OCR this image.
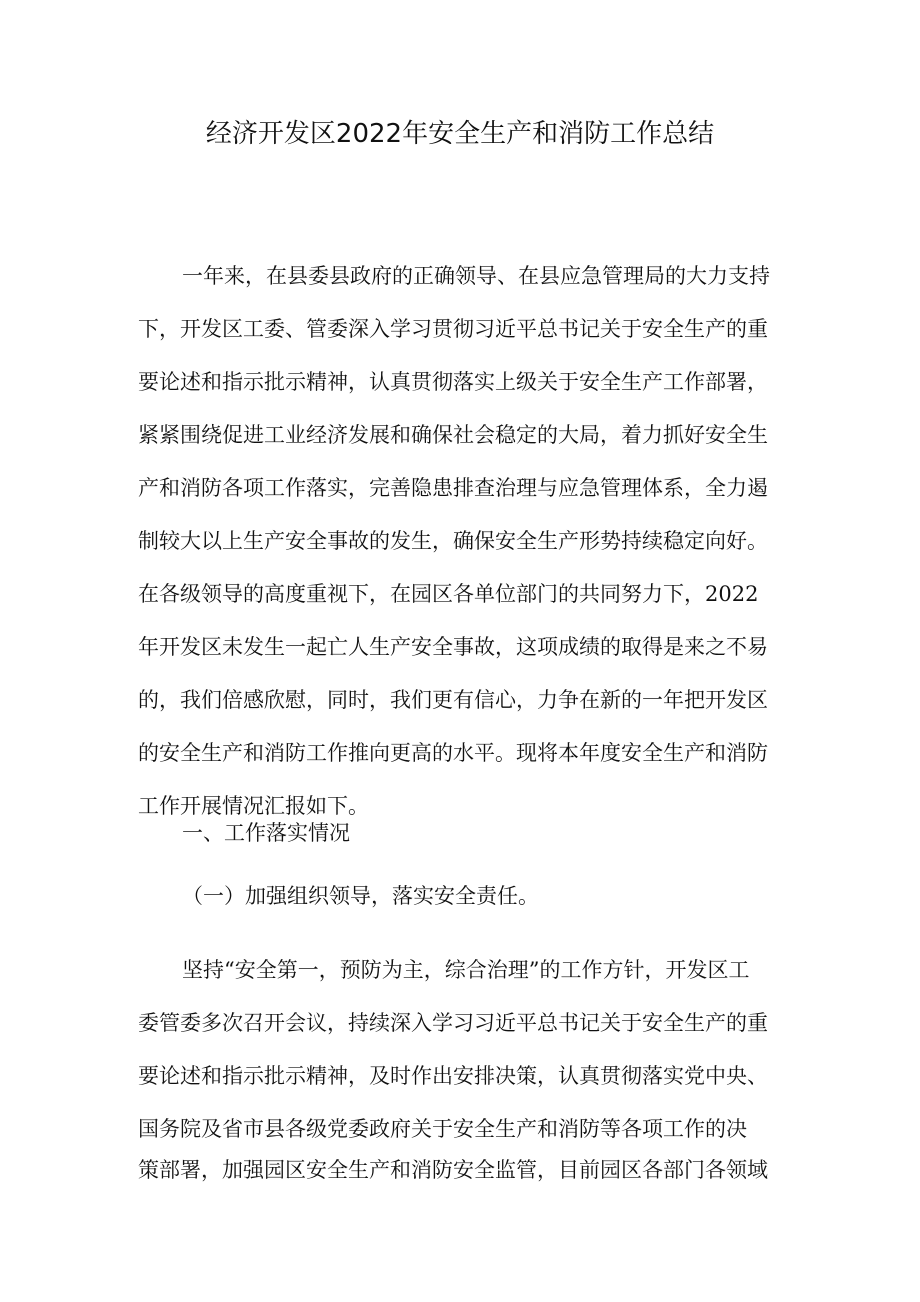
经济开发区2022年安全生产和消防工作总结
一年来，在县委县政府的正确领导、在县应急管理局的大力支持
下，开发区工委、管委深入学习贯彻习近平总书记关于安全生产的重
要论述和指示批示精神，认真贯彻落实上级关于安全生产工作部署，
紧紧围绕促进工业经济发展和确保社会稳定的大局，着力抓好安全生
产和消防各项工作落实，完善隐患排查治理与应急管理体系，全力遏
制较大以上生产安全事故的发生，确保安全生产形势持续稳定向好。
在各级领导的高度重视下，在园区各单位部门的共同努力下，2022
年开发区未发生一起亡人生产安全事故，这项成绩的取得是来之不易
的，我们倍感欣慰，同时，我们更有信心，力争在新的一年把开发区
的安全生产和消防工作推向更高的水平。现将本年度安全生产和消防
工作开展情况汇报如下。
一、工作落实情况
（一）加强组织领导，落实安全责任。
坚持“安全第一，预防为主，综合治理”的工作方针，开发区工
委管委多次召开会议，持续深入学习习近平总书记关于安全生产的重
要论述和指示批示精神，及时作出安排决策，认真贯彻落实党中央、
国务院及省市县各级党委政府关于安全生产和消防等各项工作的决
策部署，加强园区安全生产和消防安全监管，目前园区各部门各领域
